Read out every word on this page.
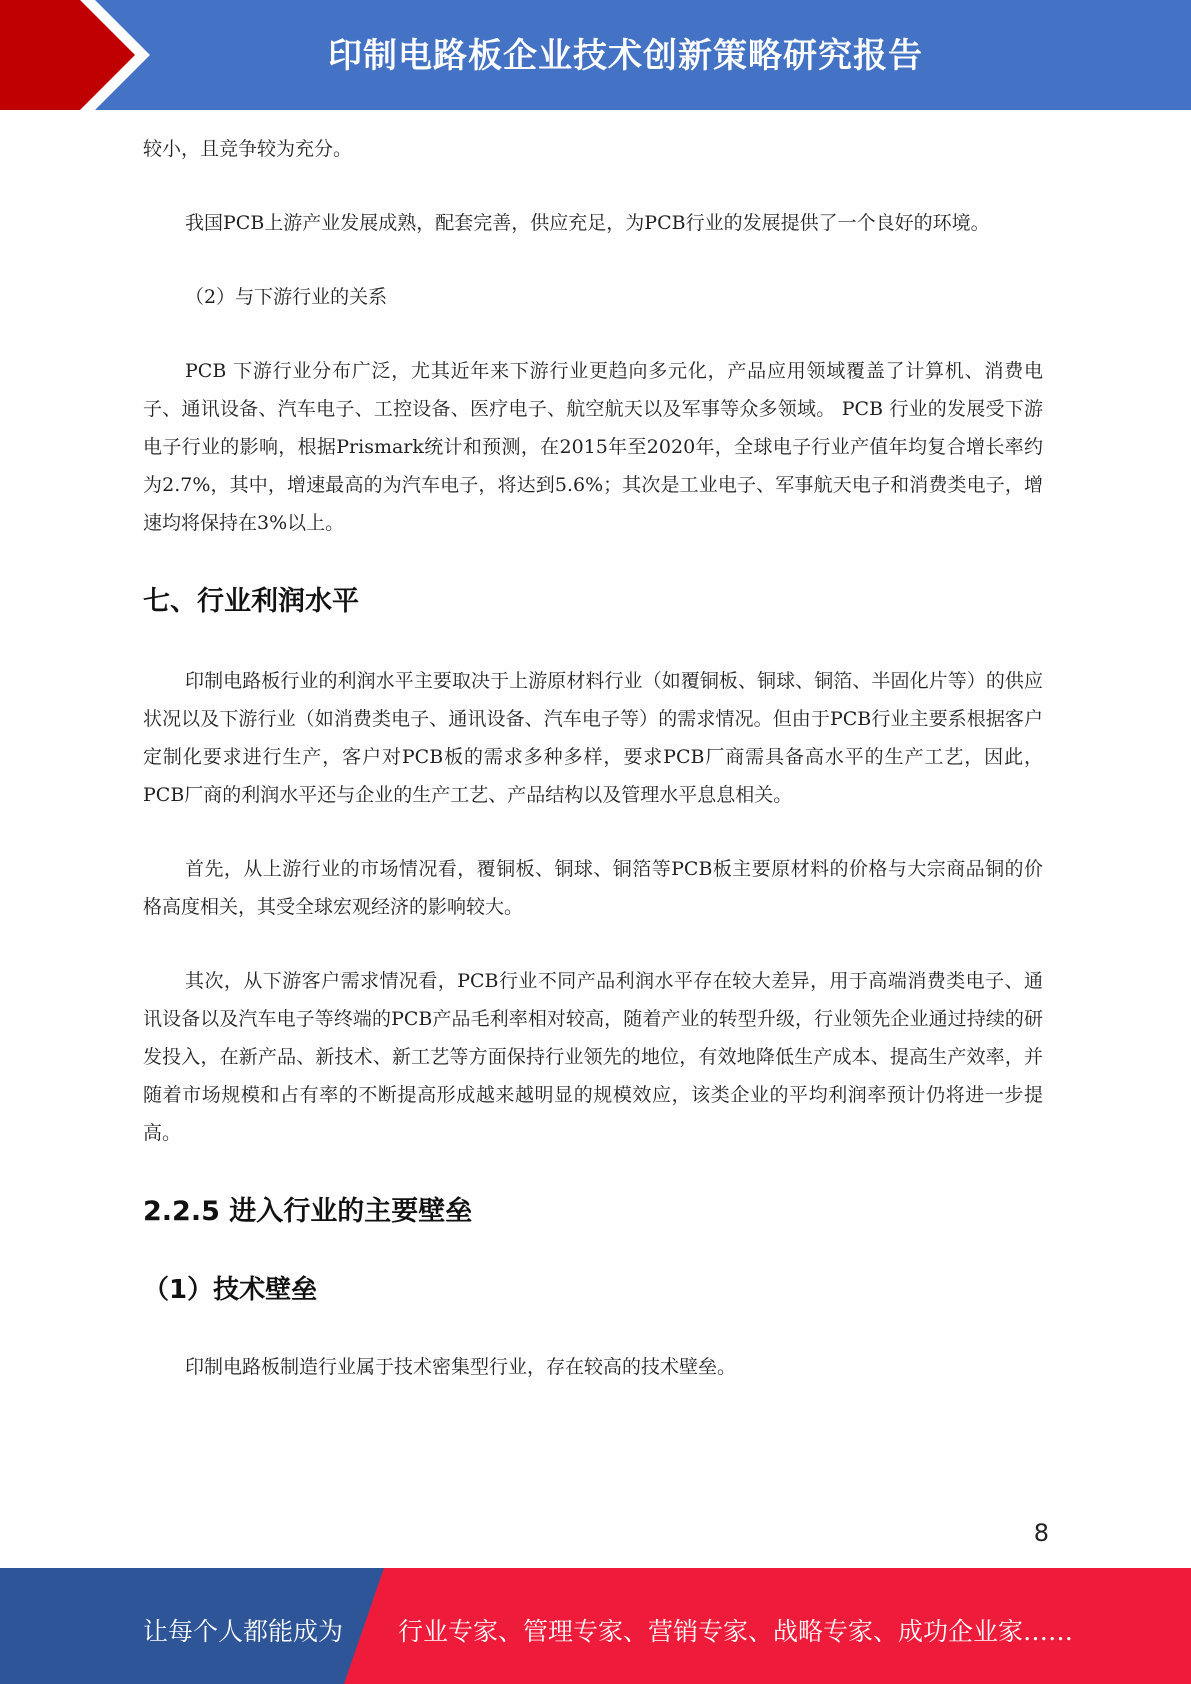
印制电路板企业技术创新策略研究报告

较小，且竞争较为充分。

我国PCB上游产业发展成熟，配套完善，供应充足，为PCB行业的发展提供了一个良好的环境。

（2）与下游行业的关系

PCB 下游行业分布广泛，尤其近年来下游行业更趋向多元化，产品应用领域覆盖了计算机、消费电子、通讯设备、汽车电子、工控设备、医疗电子、航空航天以及军事等众多领域。 PCB 行业的发展受下游电子行业的影响，根据Prismark统计和预测，在2015年至2020年，全球电子行业产值年均复合增长率约为2.7%，其中，增速最高的为汽车电子，将达到5.6%；其次是工业电子、军事航天电子和消费类电子，增速均将保持在3%以上。

七、行业利润水平

印制电路板行业的利润水平主要取决于上游原材料行业（如覆铜板、铜球、铜箔、半固化片等）的供应状况以及下游行业（如消费类电子、通讯设备、汽车电子等）的需求情况。但由于PCB行业主要系根据客户定制化要求进行生产，客户对PCB板的需求多种多样，要求PCB厂商需具备高水平的生产工艺，因此，PCB厂商的利润水平还与企业的生产工艺、产品结构以及管理水平息息相关。

首先，从上游行业的市场情况看，覆铜板、铜球、铜箔等PCB板主要原材料的价格与大宗商品铜的价格高度相关，其受全球宏观经济的影响较大。

其次，从下游客户需求情况看，PCB行业不同产品利润水平存在较大差异，用于高端消费类电子、通讯设备以及汽车电子等终端的PCB产品毛利率相对较高，随着产业的转型升级，行业领先企业通过持续的研发投入，在新产品、新技术、新工艺等方面保持行业领先的地位，有效地降低生产成本、提高生产效率，并随着市场规模和占有率的不断提高形成越来越明显的规模效应，该类企业的平均利润率预计仍将进一步提高。

2.2.5 进入行业的主要壁垒
（1）技术壁垒

印制电路板制造行业属于技术密集型行业，存在较高的技术壁垒。

8
让每个人都能成为 行业专家、管理专家、营销专家、战略专家、成功企业家……
